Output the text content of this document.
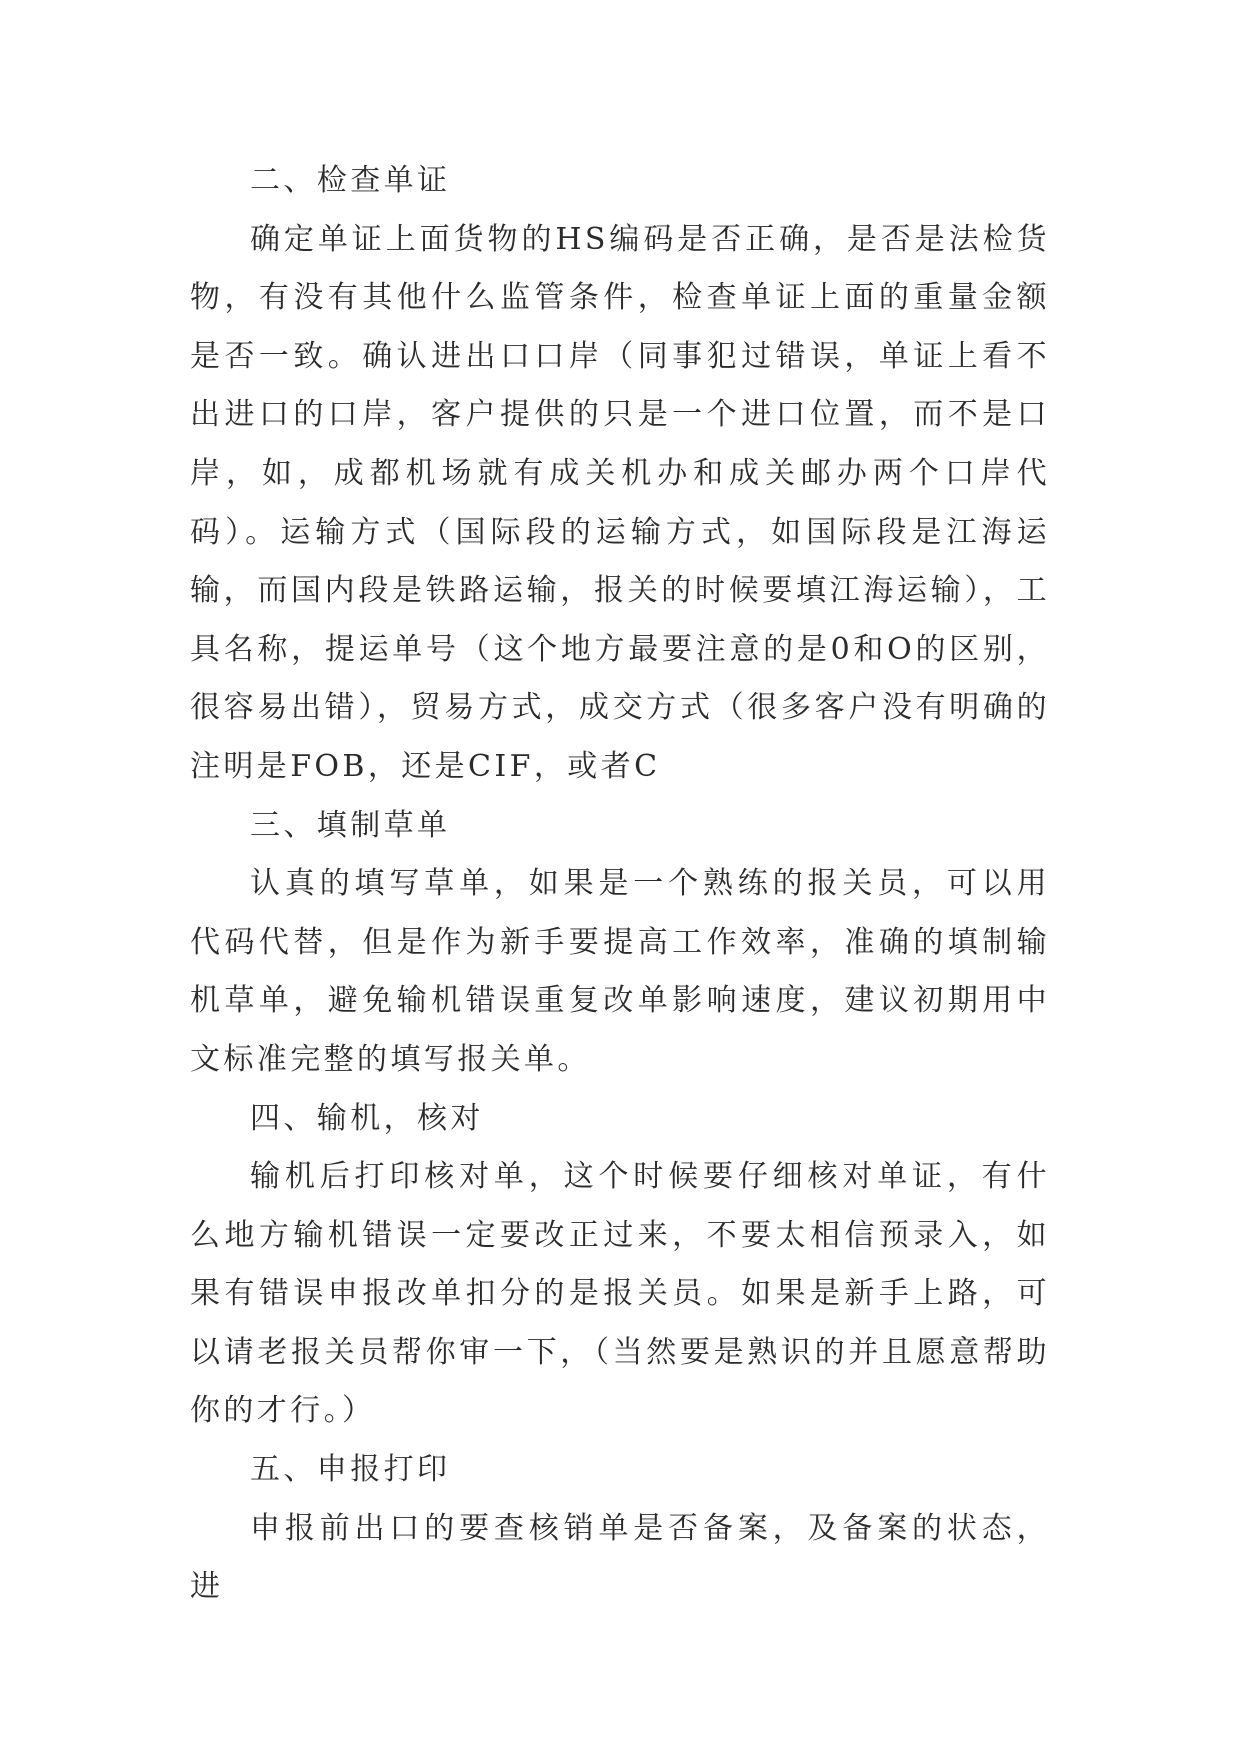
二、检查单证

确定单证上面货物的HS编码是否正确，是否是法检货物，有没有其他什么监管条件，检查单证上面的重量金额是否一致。确认进出口口岸（同事犯过错误，单证上看不出进口的口岸，客户提供的只是一个进口位置，而不是口岸，如，成都机场就有成关机办和成关邮办两个口岸代码）。运输方式（国际段的运输方式，如国际段是江海运输，而国内段是铁路运输，报关的时候要填江海运输），工具名称，提运单号（这个地方最要注意的是0和O的区别，很容易出错），贸易方式，成交方式（很多客户没有明确的注明是FOB，还是CIF，或者C

三、填制草单

认真的填写草单，如果是一个熟练的报关员，可以用代码代替，但是作为新手要提高工作效率，准确的填制输机草单，避免输机错误重复改单影响速度，建议初期用中文标准完整的填写报关单。

四、输机，核对

输机后打印核对单，这个时候要仔细核对单证，有什么地方输机错误一定要改正过来，不要太相信预录入，如果有错误申报改单扣分的是报关员。如果是新手上路，可以请老报关员帮你审一下，（当然要是熟识的并且愿意帮助你的才行。）

五、申报打印

申报前出口的要查核销单是否备案，及备案的状态，进
